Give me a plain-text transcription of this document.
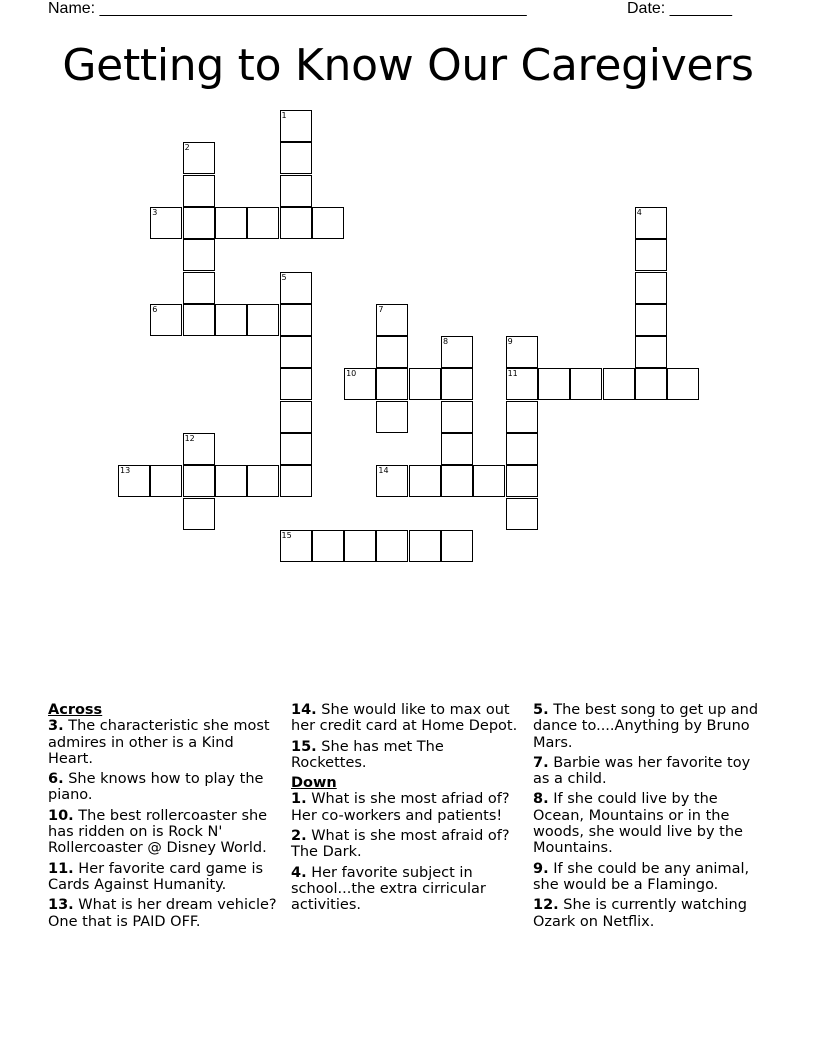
Name: ________________________________________________	Date: _______
Getting to Know Our Caregivers
1
2
3	4
5
6	7
8	9
11
10
12
13	14
15
Across
3. The characteristic she most admires in other is a Kind Heart.
6. She knows how to play the piano.
10. The best rollercoaster she has ridden on is Rock N' Rollercoaster @ Disney World.
11. Her favorite card game is Cards Against Humanity.
13. What is her dream vehicle? One that is PAID OFF.
14. She would like to max out her credit card at Home Depot.
15. She has met The Rockettes.
Down
1. What is she most afriad of? Her co-workers and patients!
2. What is she most afraid of? The Dark.
4. Her favorite subject in school...the extra cirricular activities.
5. The best song to get up and dance to....Anything by Bruno Mars.
7. Barbie was her favorite toy as a child.
8. If she could live by the Ocean, Mountains or in the woods, she would live by the Mountains.
9. If she could be any animal, she would be a Flamingo.
12. She is currently watching Ozark on Netflix.
